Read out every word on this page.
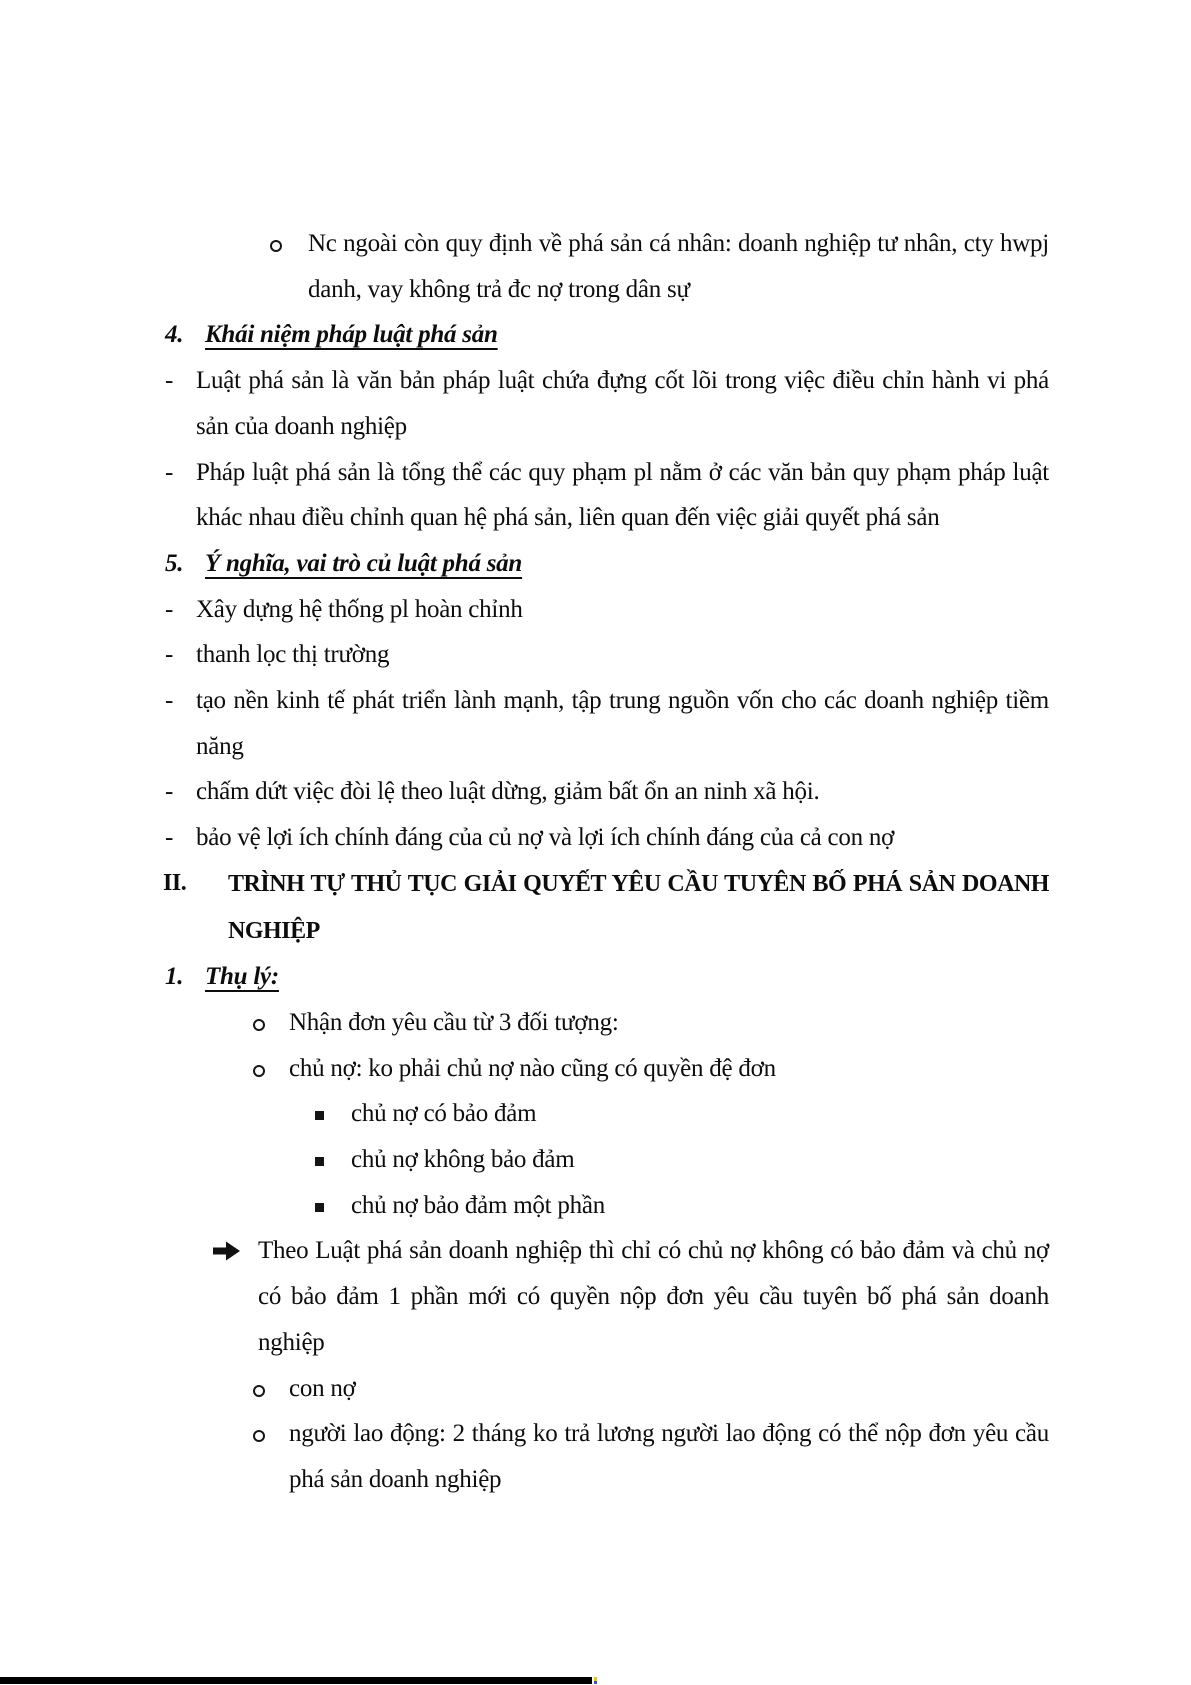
Nc ngoài còn quy định về phá sản cá nhân: doanh nghiệp tư nhân, cty hwpj danh, vay không trả đc nợ trong dân sự
4. Khái niệm pháp luật phá sản
- Luật phá sản là văn bản pháp luật chứa đựng cốt lõi trong việc điều chỉn hành vi phá sản của doanh nghiệp
- Pháp luật phá sản là tổng thể các quy phạm pl nằm ở các văn bản quy phạm pháp luật khác nhau điều chỉnh quan hệ phá sản, liên quan đến việc giải quyết phá sản
5. Ý nghĩa, vai trò củ luật phá sản
- Xây dựng hệ thống pl hoàn chỉnh
- thanh lọc thị trường
- tạo nền kinh tế phát triển lành mạnh, tập trung nguồn vốn cho các doanh nghiệp tiềm năng
- chấm dứt việc đòi lệ theo luật dừng, giảm bất ổn an ninh xã hội.
- bảo vệ lợi ích chính đáng của củ nợ và lợi ích chính đáng của cả con nợ
II. TRÌNH TỰ THỦ TỤC GIẢI QUYẾT YÊU CẦU TUYÊN BỐ PHÁ SẢN DOANH NGHIỆP
1. Thụ lý:
Nhận đơn yêu cầu từ 3 đối tượng:
chủ nợ: ko phải chủ nợ nào cũng có quyền đệ đơn
chủ nợ có bảo đảm
chủ nợ không bảo đảm
chủ nợ bảo đảm một phần
Theo Luật phá sản doanh nghiệp thì chỉ có chủ nợ không có bảo đảm và chủ nợ có bảo đảm 1 phần mới có quyền nộp đơn yêu cầu tuyên bố phá sản doanh nghiệp
con nợ
người lao động: 2 tháng ko trả lương người lao động có thể nộp đơn yêu cầu phá sản doanh nghiệp
